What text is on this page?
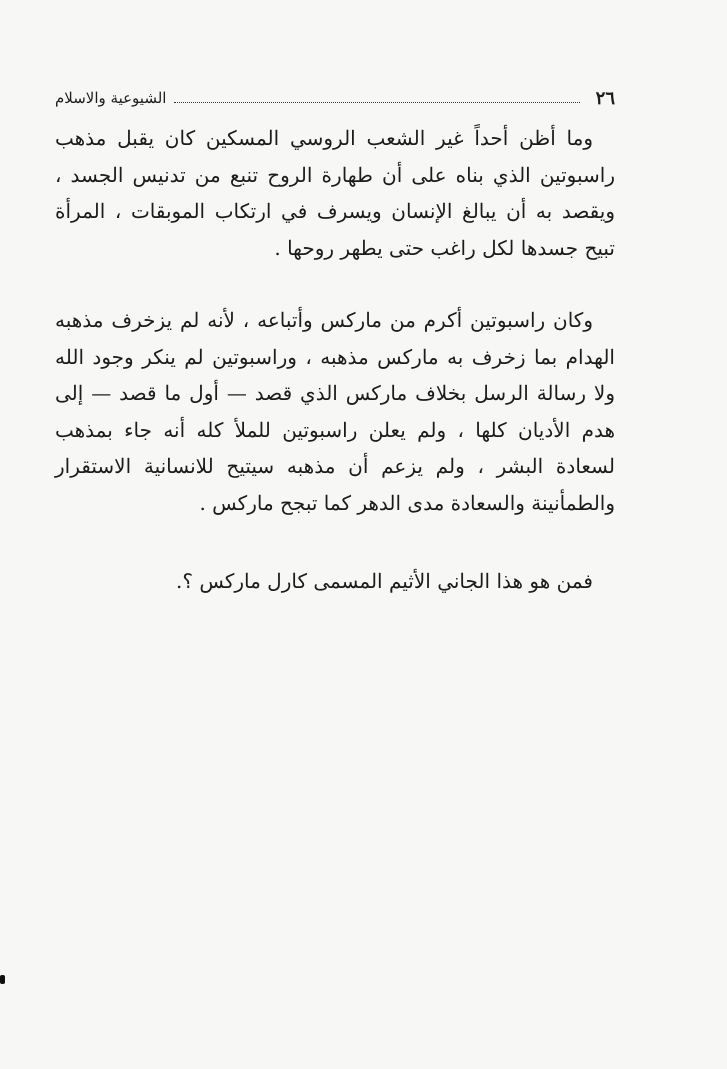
٢٦
الشيوعية والاسلام

وما أظن أحداً غير الشعب الروسي المسكين كان يقبل مذهب راسبوتين الذي بناه على أن طهارة الروح تنبع من تدنيس الجسد ، ويقصد به أن يبالغ الإنسان ويسرف في ارتكاب الموبقات ، المرأة تبيح جسدها لكل راغب حتى يطهر روحها .

وكان راسبوتين أكرم من ماركس وأتباعه ، لأنه لم يزخرف مذهبه الهدام بما زخرف به ماركس مذهبه ، وراسبوتين لم ينكر وجود الله ولا رسالة الرسل بخلاف ماركس الذي قصد — أول ما قصد — إلى هدم الأديان كلها ، ولم يعلن راسبوتين للملأ كله أنه جاء بمذهب لسعادة البشر ، ولم يزعم أن مذهبه سيتيح للانسانية الاستقرار والطمأنينة والسعادة مدى الدهر كما تبجح ماركس .

فمن هو هذا الجاني الأثيم المسمى كارل ماركس ؟.
